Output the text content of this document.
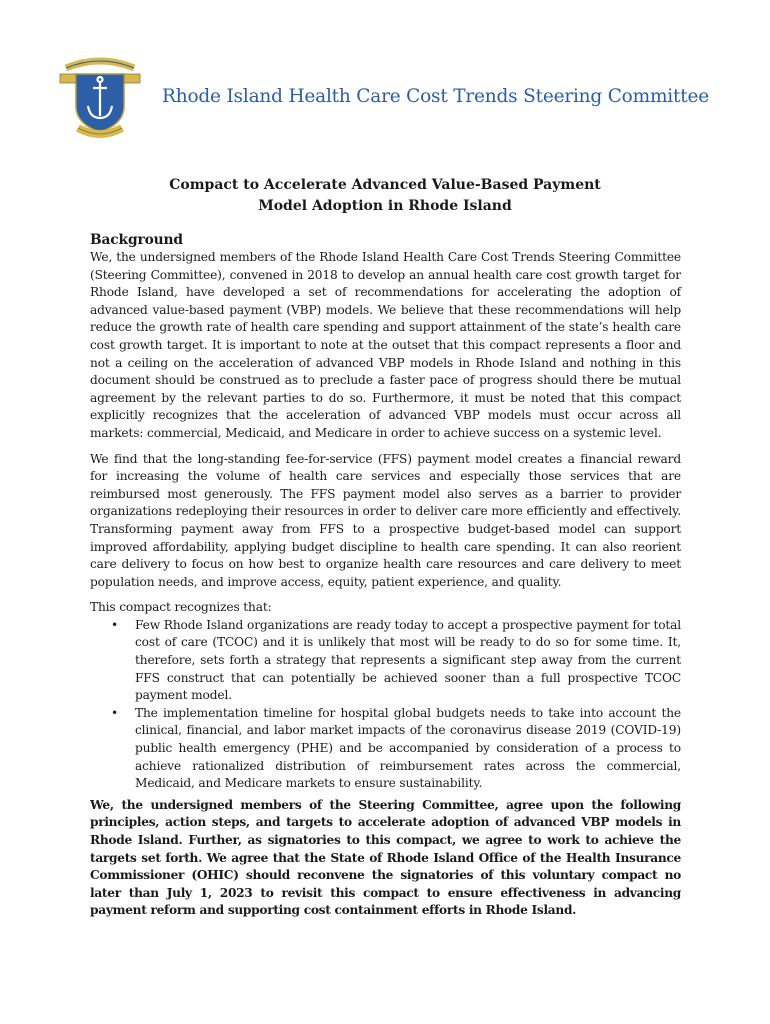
Rhode Island Health Care Cost Trends Steering Committee
Compact to Accelerate Advanced Value-Based Payment
Model Adoption in Rhode Island
Background

We, the undersigned members of the Rhode Island Health Care Cost Trends Steering Committee (Steering Committee), convened in 2018 to develop an annual health care cost growth target for Rhode Island, have developed a set of recommendations for accelerating the adoption of advanced value-based payment (VBP) models. We believe that these recommendations will help reduce the growth rate of health care spending and support attainment of the state’s health care cost growth target. It is important to note at the outset that this compact represents a floor and not a ceiling on the acceleration of advanced VBP models in Rhode Island and nothing in this document should be construed as to preclude a faster pace of progress should there be mutual agreement by the relevant parties to do so. Furthermore, it must be noted that this compact explicitly recognizes that the acceleration of advanced VBP models must occur across all markets: commercial, Medicaid, and Medicare in order to achieve success on a systemic level.

We find that the long-standing fee-for-service (FFS) payment model creates a financial reward for increasing the volume of health care services and especially those services that are reimbursed most generously. The FFS payment model also serves as a barrier to provider organizations redeploying their resources in order to deliver care more efficiently and effectively. Transforming payment away from FFS to a prospective budget-based model can support improved affordability, applying budget discipline to health care spending. It can also reorient care delivery to focus on how best to organize health care resources and care delivery to meet population needs, and improve access, equity, patient experience, and quality.

This compact recognizes that:

• Few Rhode Island organizations are ready today to accept a prospective payment for total cost of care (TCOC) and it is unlikely that most will be ready to do so for some time. It, therefore, sets forth a strategy that represents a significant step away from the current FFS construct that can potentially be achieved sooner than a full prospective TCOC payment model.
• The implementation timeline for hospital global budgets needs to take into account the clinical, financial, and labor market impacts of the coronavirus disease 2019 (COVID-19) public health emergency (PHE) and be accompanied by consideration of a process to achieve rationalized distribution of reimbursement rates across the commercial, Medicaid, and Medicare markets to ensure sustainability.

We, the undersigned members of the Steering Committee, agree upon the following principles, action steps, and targets to accelerate adoption of advanced VBP models in Rhode Island. Further, as signatories to this compact, we agree to work to achieve the targets set forth. We agree that the State of Rhode Island Office of the Health Insurance Commissioner (OHIC) should reconvene the signatories of this voluntary compact no later than July 1, 2023 to revisit this compact to ensure effectiveness in advancing payment reform and supporting cost containment efforts in Rhode Island.
